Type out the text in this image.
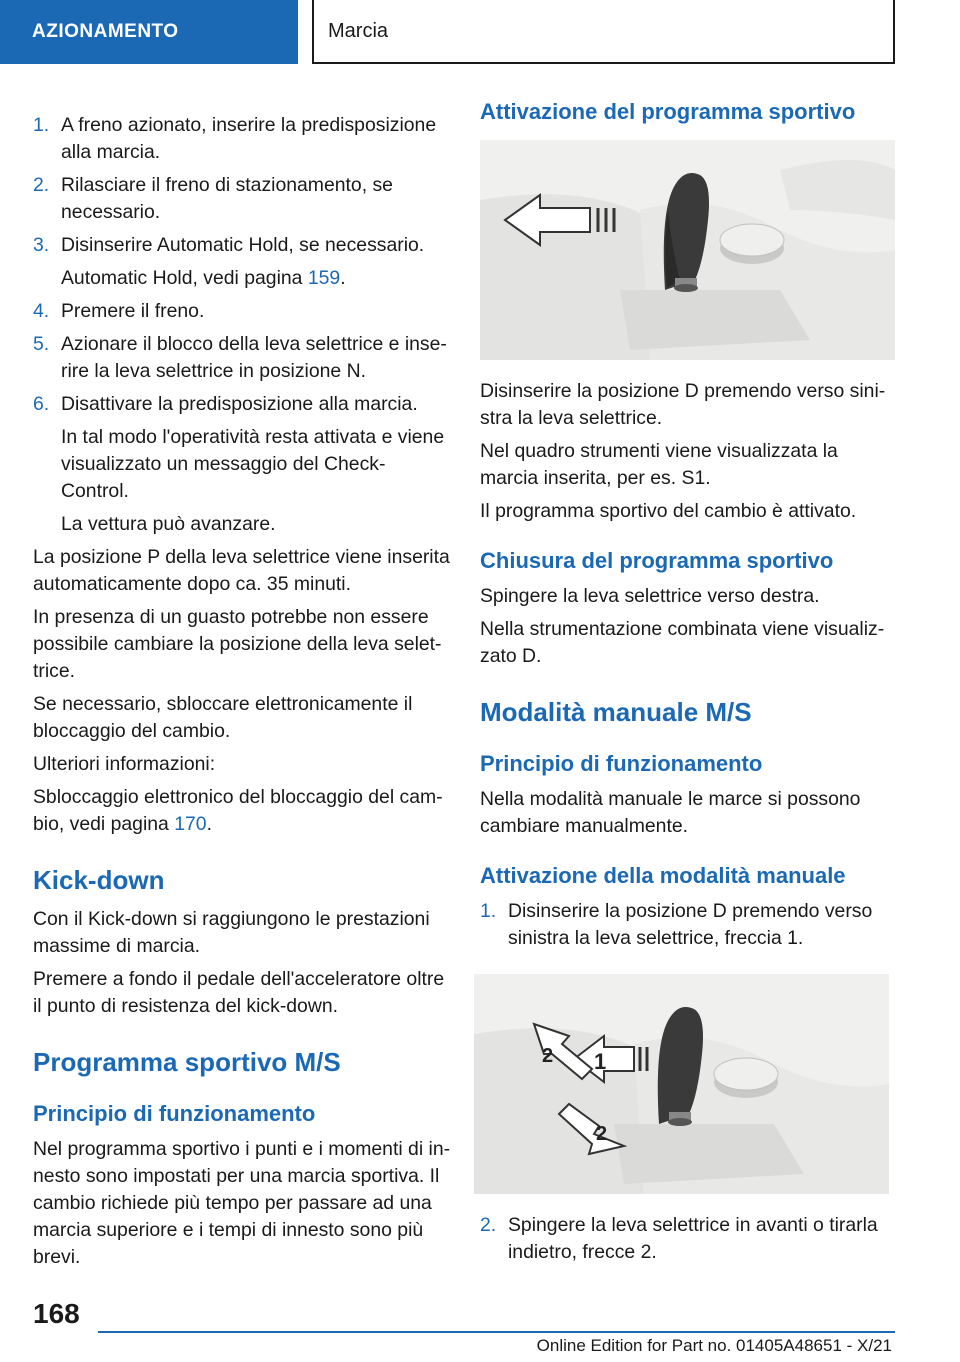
AZIONAMENTO	Marcia
1. A freno azionato, inserire la predisposizione alla marcia.
2. Rilasciare il freno di stazionamento, se necessario.
3. Disinserire Automatic Hold, se necessario.
Automatic Hold, vedi pagina 159.
4. Premere il freno.
5. Azionare il blocco della leva selettrice e inserire la leva selettrice in posizione N.
6. Disattivare la predisposizione alla marcia.
In tal modo l'operatività resta attivata e viene visualizzato un messaggio del Check-Control.
La vettura può avanzare.

La posizione P della leva selettrice viene inserita automaticamente dopo ca. 35 minuti.

In presenza di un guasto potrebbe non essere possibile cambiare la posizione della leva selettrice.

Se necessario, sbloccare elettronicamente il bloccaggio del cambio.

Ulteriori informazioni:

Sbloccaggio elettronico del bloccaggio del cambio, vedi pagina 170.

Kick-down

Con il Kick-down si raggiungono le prestazioni massime di marcia.

Premere a fondo il pedale dell'acceleratore oltre il punto di resistenza del kick-down.

Programma sportivo M/S
Principio di funzionamento

Nel programma sportivo i punti e i momenti di innesto sono impostati per una marcia sportiva. Il cambio richiede più tempo per passare ad una marcia superiore e i tempi di innesto sono più brevi.

Attivazione del programma sportivo

Disinserire la posizione D premendo verso sinistra la leva selettrice.

Nel quadro strumenti viene visualizzata la marcia inserita, per es. S1.

Il programma sportivo del cambio è attivato.

Chiusura del programma sportivo

Spingere la leva selettrice verso destra.

Nella strumentazione combinata viene visualizzato D.

Modalità manuale M/S
Principio di funzionamento

Nella modalità manuale le marce si possono cambiare manualmente.

Attivazione della modalità manuale
1. Disinserire la posizione D premendo verso sinistra la leva selettrice, freccia 1.
2 1
2
2. Spingere la leva selettrice in avanti o tirarla indietro, frecce 2.
168
Online Edition for Part no. 01405A48651 - X/21
